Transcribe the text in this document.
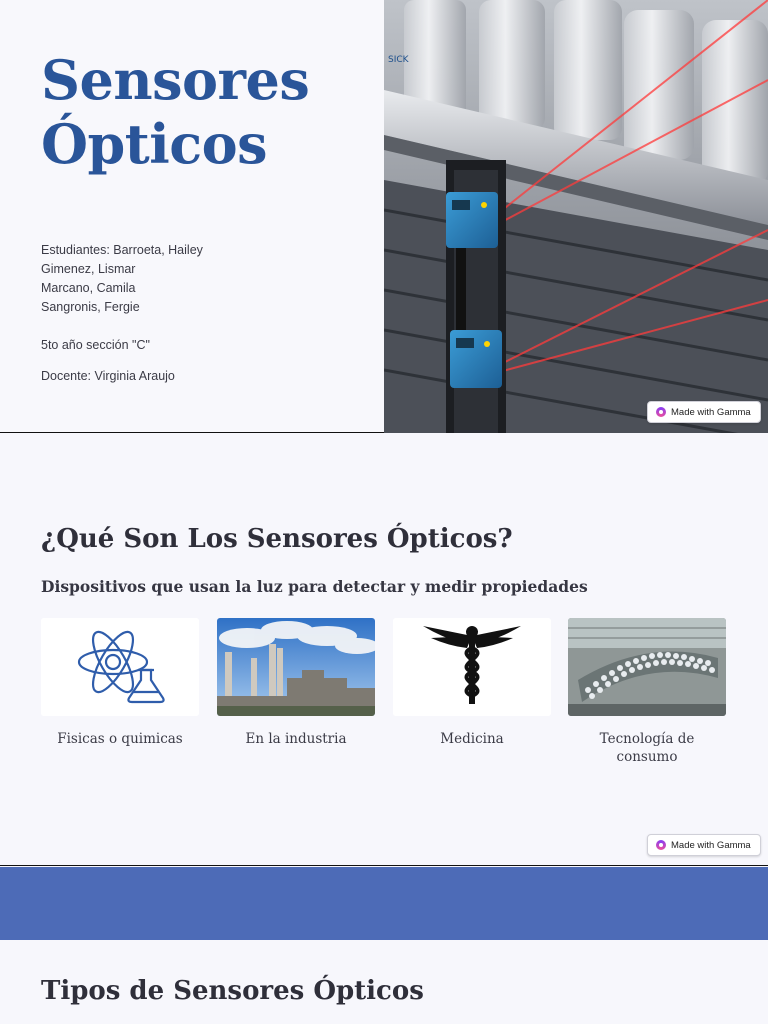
Sensores
Ópticos
Estudiantes: Barroeta, Hailey
Gimenez, Lismar
Marcano, Camila
Sangronis, Fergie
5to año sección "C"
Docente: Virginia Araujo
SICK
Made with Gamma
¿Qué Son Los Sensores Ópticos?

Dispositivos que usan la luz para detectar y medir propiedades

Fisicas o quimicas	En la industria	Medicina	Tecnología de consumo
Made with Gamma
Tipos de Sensores Ópticos
